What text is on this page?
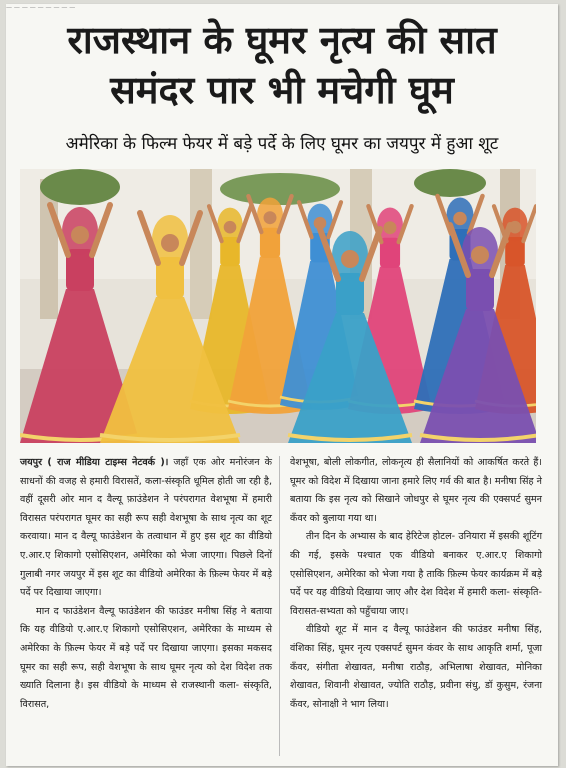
— — — — — — — — —
राजस्थान के घूमर नृत्य की सात
समंदर पार भी मचेगी घूम
अमेरिका के फिल्म फेयर में बड़े पर्दे के लिए घूमर का जयपुर में हुआ शूट

जयपुर ( राज मीडिया टाइम्स नेटवर्क )। जहाँ एक ओर मनोरंजन के साधनों की वजह से हमारी विरासतें, कला-संस्कृति धूमिल होती जा रही है, वहीं दूसरी ओर मान द वैल्यू फ़ाउंडेशन ने परंपरागत वेशभूषा में हमारी विरासत परंपरागत घूमर का सही रूप सही वेशभूषा के साथ नृत्य का शूट करवाया। मान द वैल्यू फाउंडेशन के तत्वाधान में हुए इस शूट का वीडियो ए.आर.ए शिकागो एसोसिएशन, अमेरिका को भेजा जाएगा। पिछले दिनों गुलाबी नगर जयपुर में इस शूट का वीडियो अमेरिका के फ़िल्म फेयर में बड़े पर्दे पर दिखाया जाएगा।

मान द फाउंडेशन वैल्यू फाउंडेशन की फाउंडर मनीषा सिंह ने बताया कि यह वीडियो ए.आर.ए शिकागो एसोसिएशन, अमेरिका के माध्यम से अमेरिका के फ़िल्म फेयर में बड़े पर्दे पर दिखाया जाएगा। इसका मकसद घूमर का सही रूप, सही वेशभूषा के साथ घूमर नृत्य को देश विदेश तक ख्याति दिलाना है। इस वीडियो के माध्यम से राजस्थानी कला- संस्कृति, विरासत,

वेशभूषा, बोली लोकगीत, लोकनृत्य ही सैलानियों को आकर्षित करते हैं। घूमर को विदेश में दिखाया जाना हमारे लिए गर्व की बात है। मनीषा सिंह ने बताया कि इस नृत्य को सिखाने जोधपुर से घूमर नृत्य की एक्सपर्ट सुमन कँवर को बुलाया गया था।

तीन दिन के अभ्यास के बाद हेरिटेज होटल- उनियारा में इसकी शूटिंग की गई, इसके पश्चात एक वीडियो बनाकर ए.आर.ए शिकागो एसोसिएशन, अमेरिका को भेजा गया है ताकि फ़िल्म फेयर कार्यक्रम में बड़े पर्दे पर यह वीडियो दिखाया जाए और देश विदेश में हमारी कला- संस्कृति-विरासत-सभ्यता को पहुँचाया जाए।

वीडियो शूट में मान द वैल्यू फाउंडेशन की फाउंडर मनीषा सिंह, वंशिका सिंह, घूमर नृत्य एक्सपर्ट सुमन कंवर के साथ आकृति शर्मा, पूजा कँवर, संगीता शेखावत, मनीषा राठौड़, अभिलाषा शेखावत, मोनिका शेखावत, शिवानी शेखावत, ज्योति राठौड़, प्रवीना संधु, डॉ कुसुम, रंजना कँवर, सोनाक्षी ने भाग लिया।
